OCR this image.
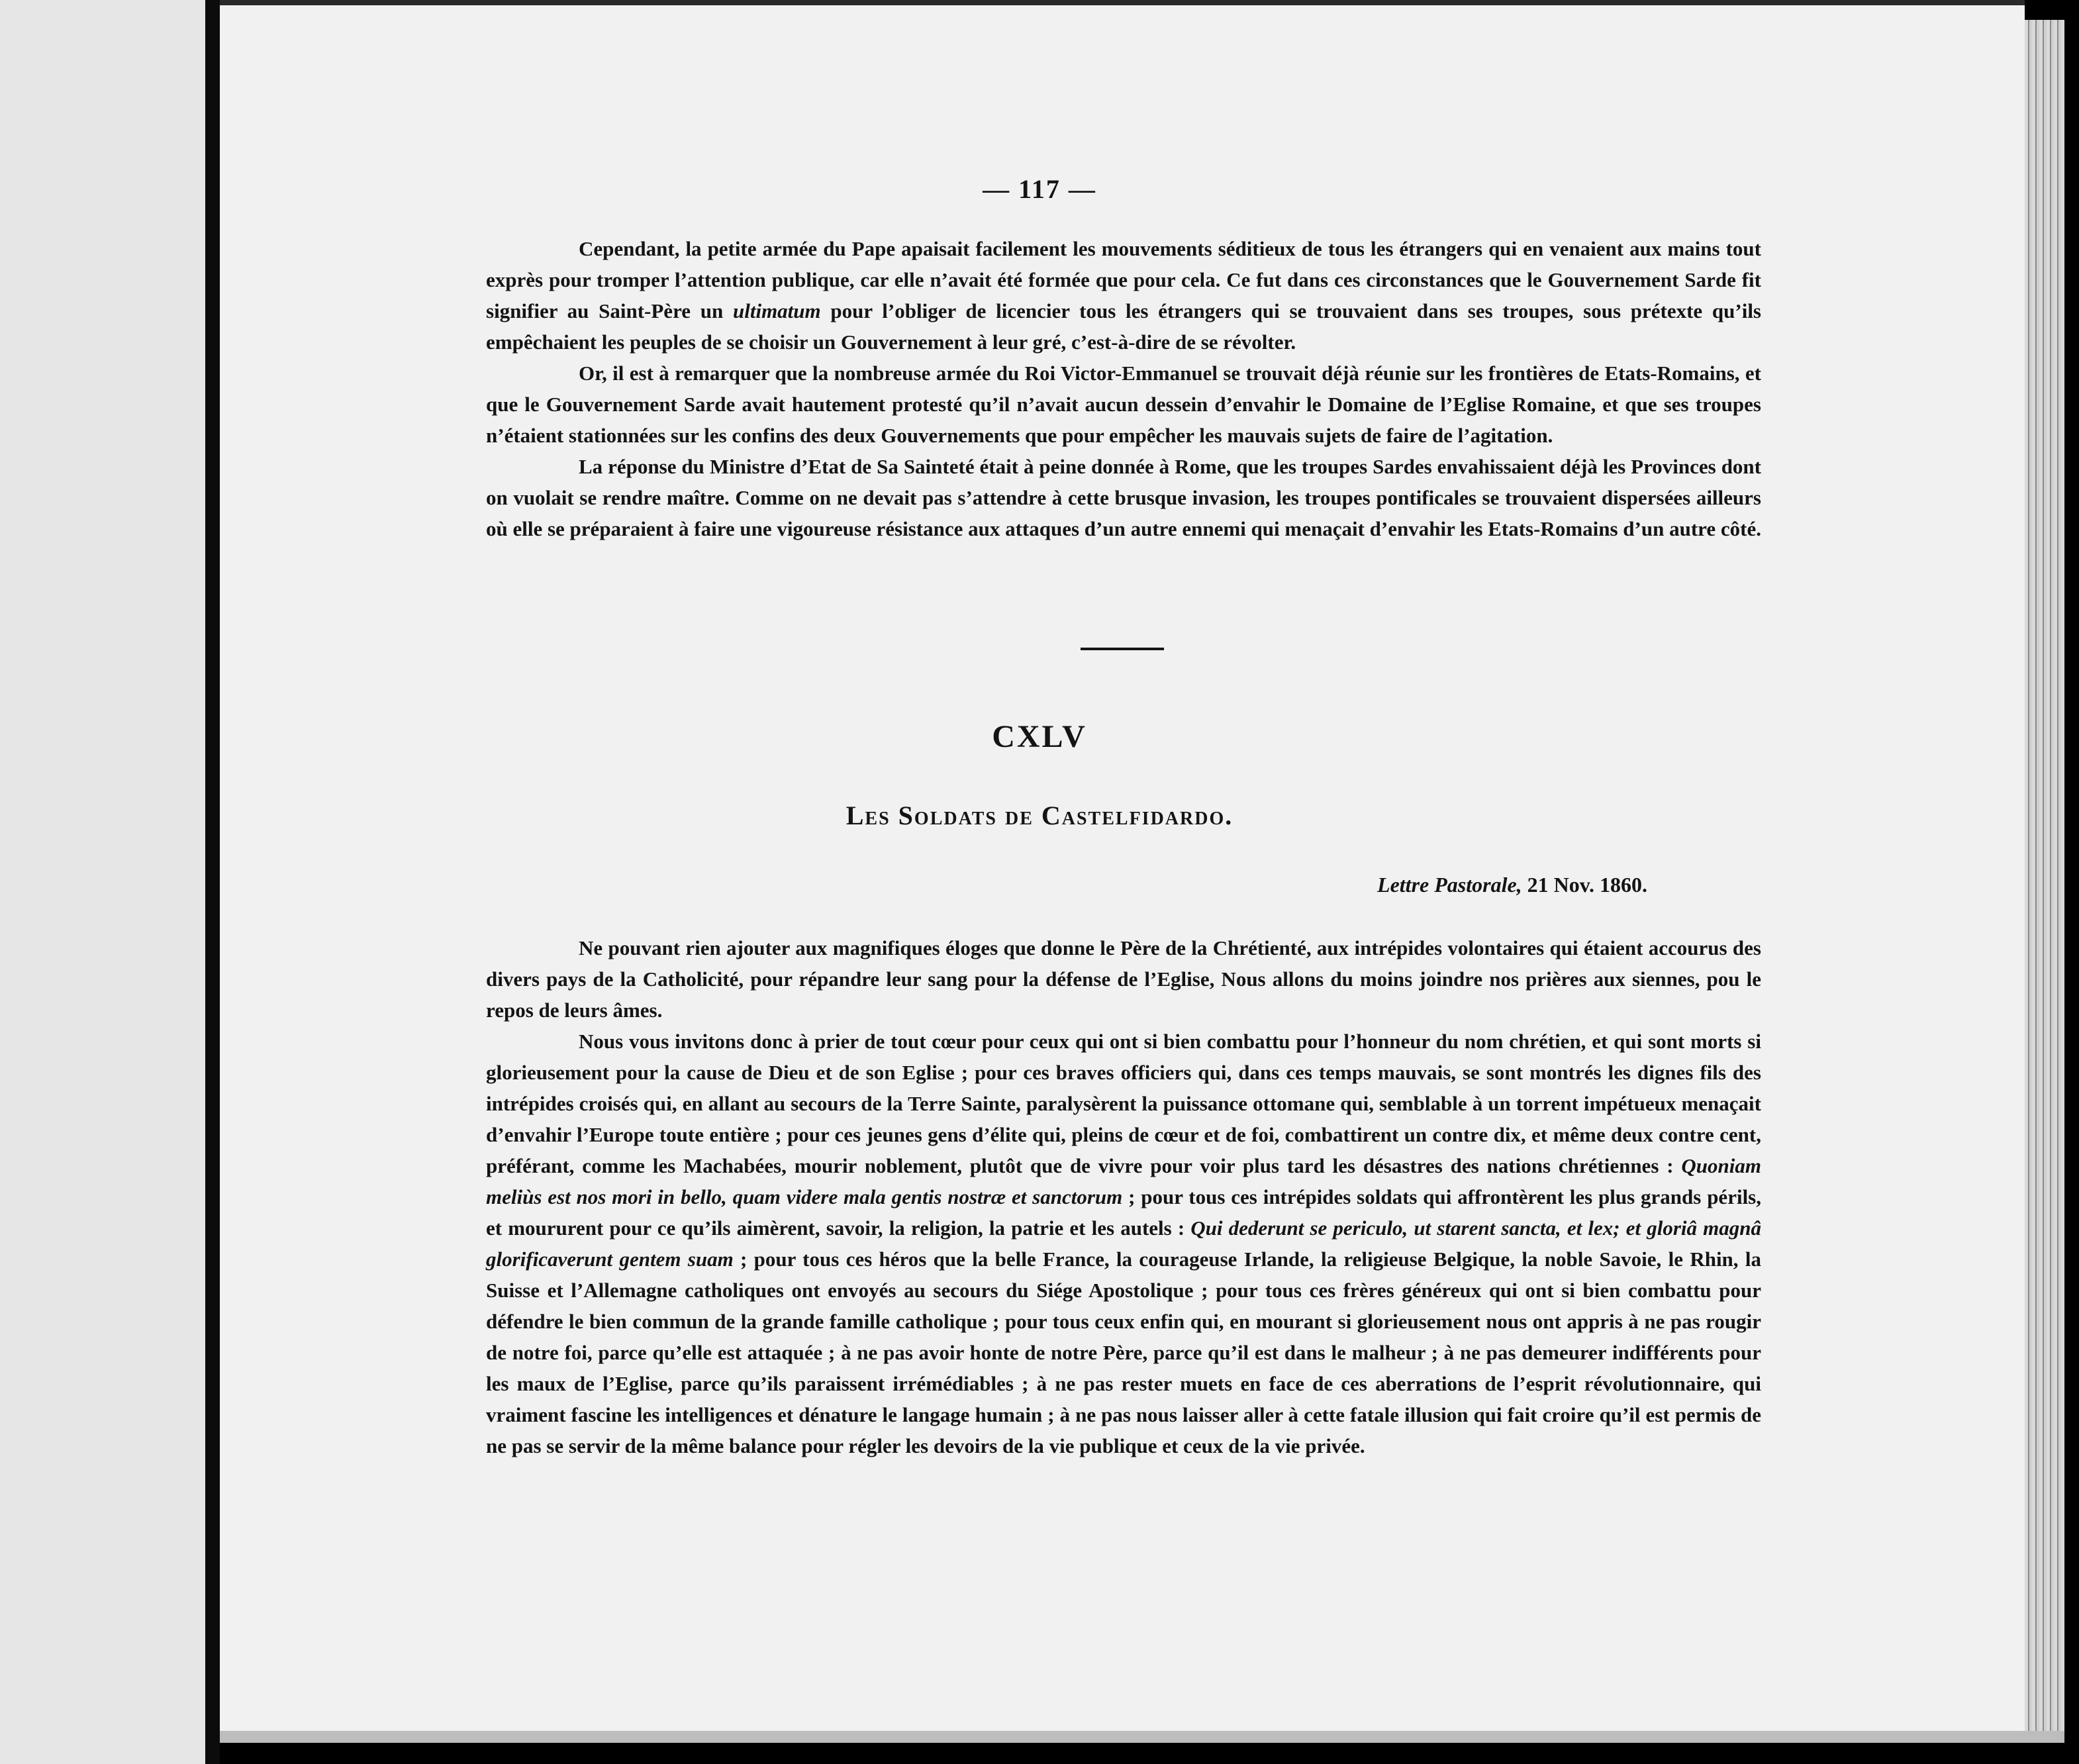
— 117 —

Cependant, la petite armée du Pape apaisait facilement les mouvements séditieux de tous les étrangers qui en venaient aux mains tout exprès pour tromper l’attention publique, car elle n’avait été formée que pour cela. Ce fut dans ces circonstances que le Gouvernement Sarde fit signifier au Saint-Père un ultimatum pour l’obliger de licencier tous les étrangers qui se trouvaient dans ses troupes, sous prétexte qu’ils empêchaient les peuples de se choisir un Gouvernement à leur gré, c’est-à-dire de se révolter.

Or, il est à remarquer que la nombreuse armée du Roi Victor-Emmanuel se trouvait déjà réunie sur les frontières de Etats-Romains, et que le Gouvernement Sarde avait hautement protesté qu’il n’avait aucun dessein d’envahir le Domaine de l’Eglise Romaine, et que ses troupes n’étaient stationnées sur les confins des deux Gouvernements que pour empêcher les mauvais sujets de faire de l’agitation.

La réponse du Ministre d’Etat de Sa Sainteté était à peine donnée à Rome, que les troupes Sardes envahissaient déjà les Provinces dont on vuolait se rendre maître. Comme on ne devait pas s’attendre à cette brusque invasion, les troupes pontificales se trouvaient dispersées ailleurs où elle se préparaient à faire une vigoureuse résistance aux attaques d’un autre ennemi qui menaçait d’envahir les Etats-Romains d’un autre côté.

CXLV
Les Soldats de Castelfidardo.
Lettre Pastorale, 21 Nov. 1860.

Ne pouvant rien ajouter aux magnifiques éloges que donne le Père de la Chrétienté, aux intrépides volontaires qui étaient accourus des divers pays de la Catholicité, pour répandre leur sang pour la défense de l’Eglise, Nous allons du moins joindre nos prières aux siennes, pou le repos de leurs âmes.

Nous vous invitons donc à prier de tout cœur pour ceux qui ont si bien combattu pour l’honneur du nom chrétien, et qui sont morts si glorieusement pour la cause de Dieu et de son Eglise ; pour ces braves officiers qui, dans ces temps mauvais, se sont montrés les dignes fils des intrépides croisés qui, en allant au secours de la Terre Sainte, paralysèrent la puissance ottomane qui, semblable à un torrent impétueux menaçait d’envahir l’Europe toute entière ; pour ces jeunes gens d’élite qui, pleins de cœur et de foi, combattirent un contre dix, et même deux contre cent, préférant, comme les Machabées, mourir noblement, plutôt que de vivre pour voir plus tard les désastres des nations chrétiennes : Quoniam meliùs est nos mori in bello, quam videre mala gentis nostræ et sanctorum ; pour tous ces intrépides soldats qui affrontèrent les plus grands périls, et moururent pour ce qu’ils aimèrent, savoir, la religion, la patrie et les autels : Qui dederunt se periculo, ut starent sancta, et lex; et gloriâ magnâ glorificaverunt gentem suam ; pour tous ces héros que la belle France, la courageuse Irlande, la religieuse Belgique, la noble Savoie, le Rhin, la Suisse et l’Allemagne catholiques ont envoyés au secours du Siége Apostolique ; pour tous ces frères généreux qui ont si bien combattu pour défendre le bien commun de la grande famille catholique ; pour tous ceux enfin qui, en mourant si glorieusement nous ont appris à ne pas rougir de notre foi, parce qu’elle est attaquée ; à ne pas avoir honte de notre Père, parce qu’il est dans le malheur ; à ne pas demeurer indifférents pour les maux de l’Eglise, parce qu’ils paraissent irrémédiables ; à ne pas rester muets en face de ces aberrations de l’esprit révolutionnaire, qui vraiment fascine les intelligences et dénature le langage humain ; à ne pas nous laisser aller à cette fatale illusion qui fait croire qu’il est permis de ne pas se servir de la même balance pour régler les devoirs de la vie publique et ceux de la vie privée.
